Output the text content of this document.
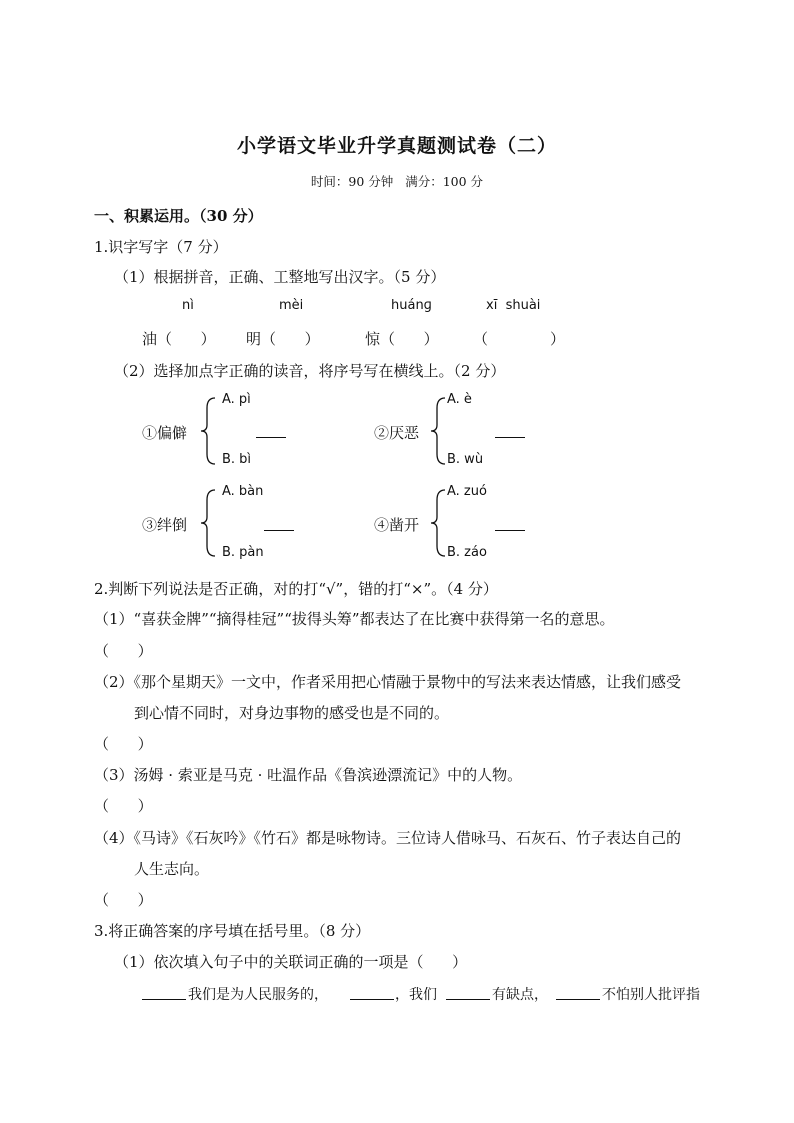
小学语文毕业升学真题测试卷（二）
时间：90 分钟   满分：100 分
一、积累运用。（30 分）
1.识字写字（7 分）
（1）根据拼音，正确、工整地写出汉字。（5 分）
nì	mèi	huánɡ	xī  shuài
油（      ） 明（      ）	惊（      ） （             ）
（2）选择加点字正确的读音，将序号写在横线上。（2 分）
①偏僻
A. pì
B. bì
②厌恶
A. è
B. wù
③绊倒
A. bàn
B. pàn
④凿开
A. zuó
B. záo
2.判断下列说法是否正确，对的打“√”，错的打“×”。（4 分）
（1）“喜获金牌”“摘得桂冠”“拔得头筹”都表达了在比赛中获得第一名的意思。
（      ）
（2）《那个星期天》一文中，作者采用把心情融于景物中的写法来表达情感，让我们感受
到心情不同时，对身边事物的感受也是不同的。
（      ）
（3）汤姆 · 索亚是马克 · 吐温作品《鲁滨逊漂流记》中的人物。
（      ）
（4）《马诗》《石灰吟》《竹石》都是咏物诗。三位诗人借咏马、石灰石、竹子表达自己的
人生志向。
（      ）
3.将正确答案的序号填在括号里。（8 分）
（1）依次填入句子中的关联词正确的一项是（      ）
我们是为人民服务的，	，我们	有缺点，	不怕别人批评指
